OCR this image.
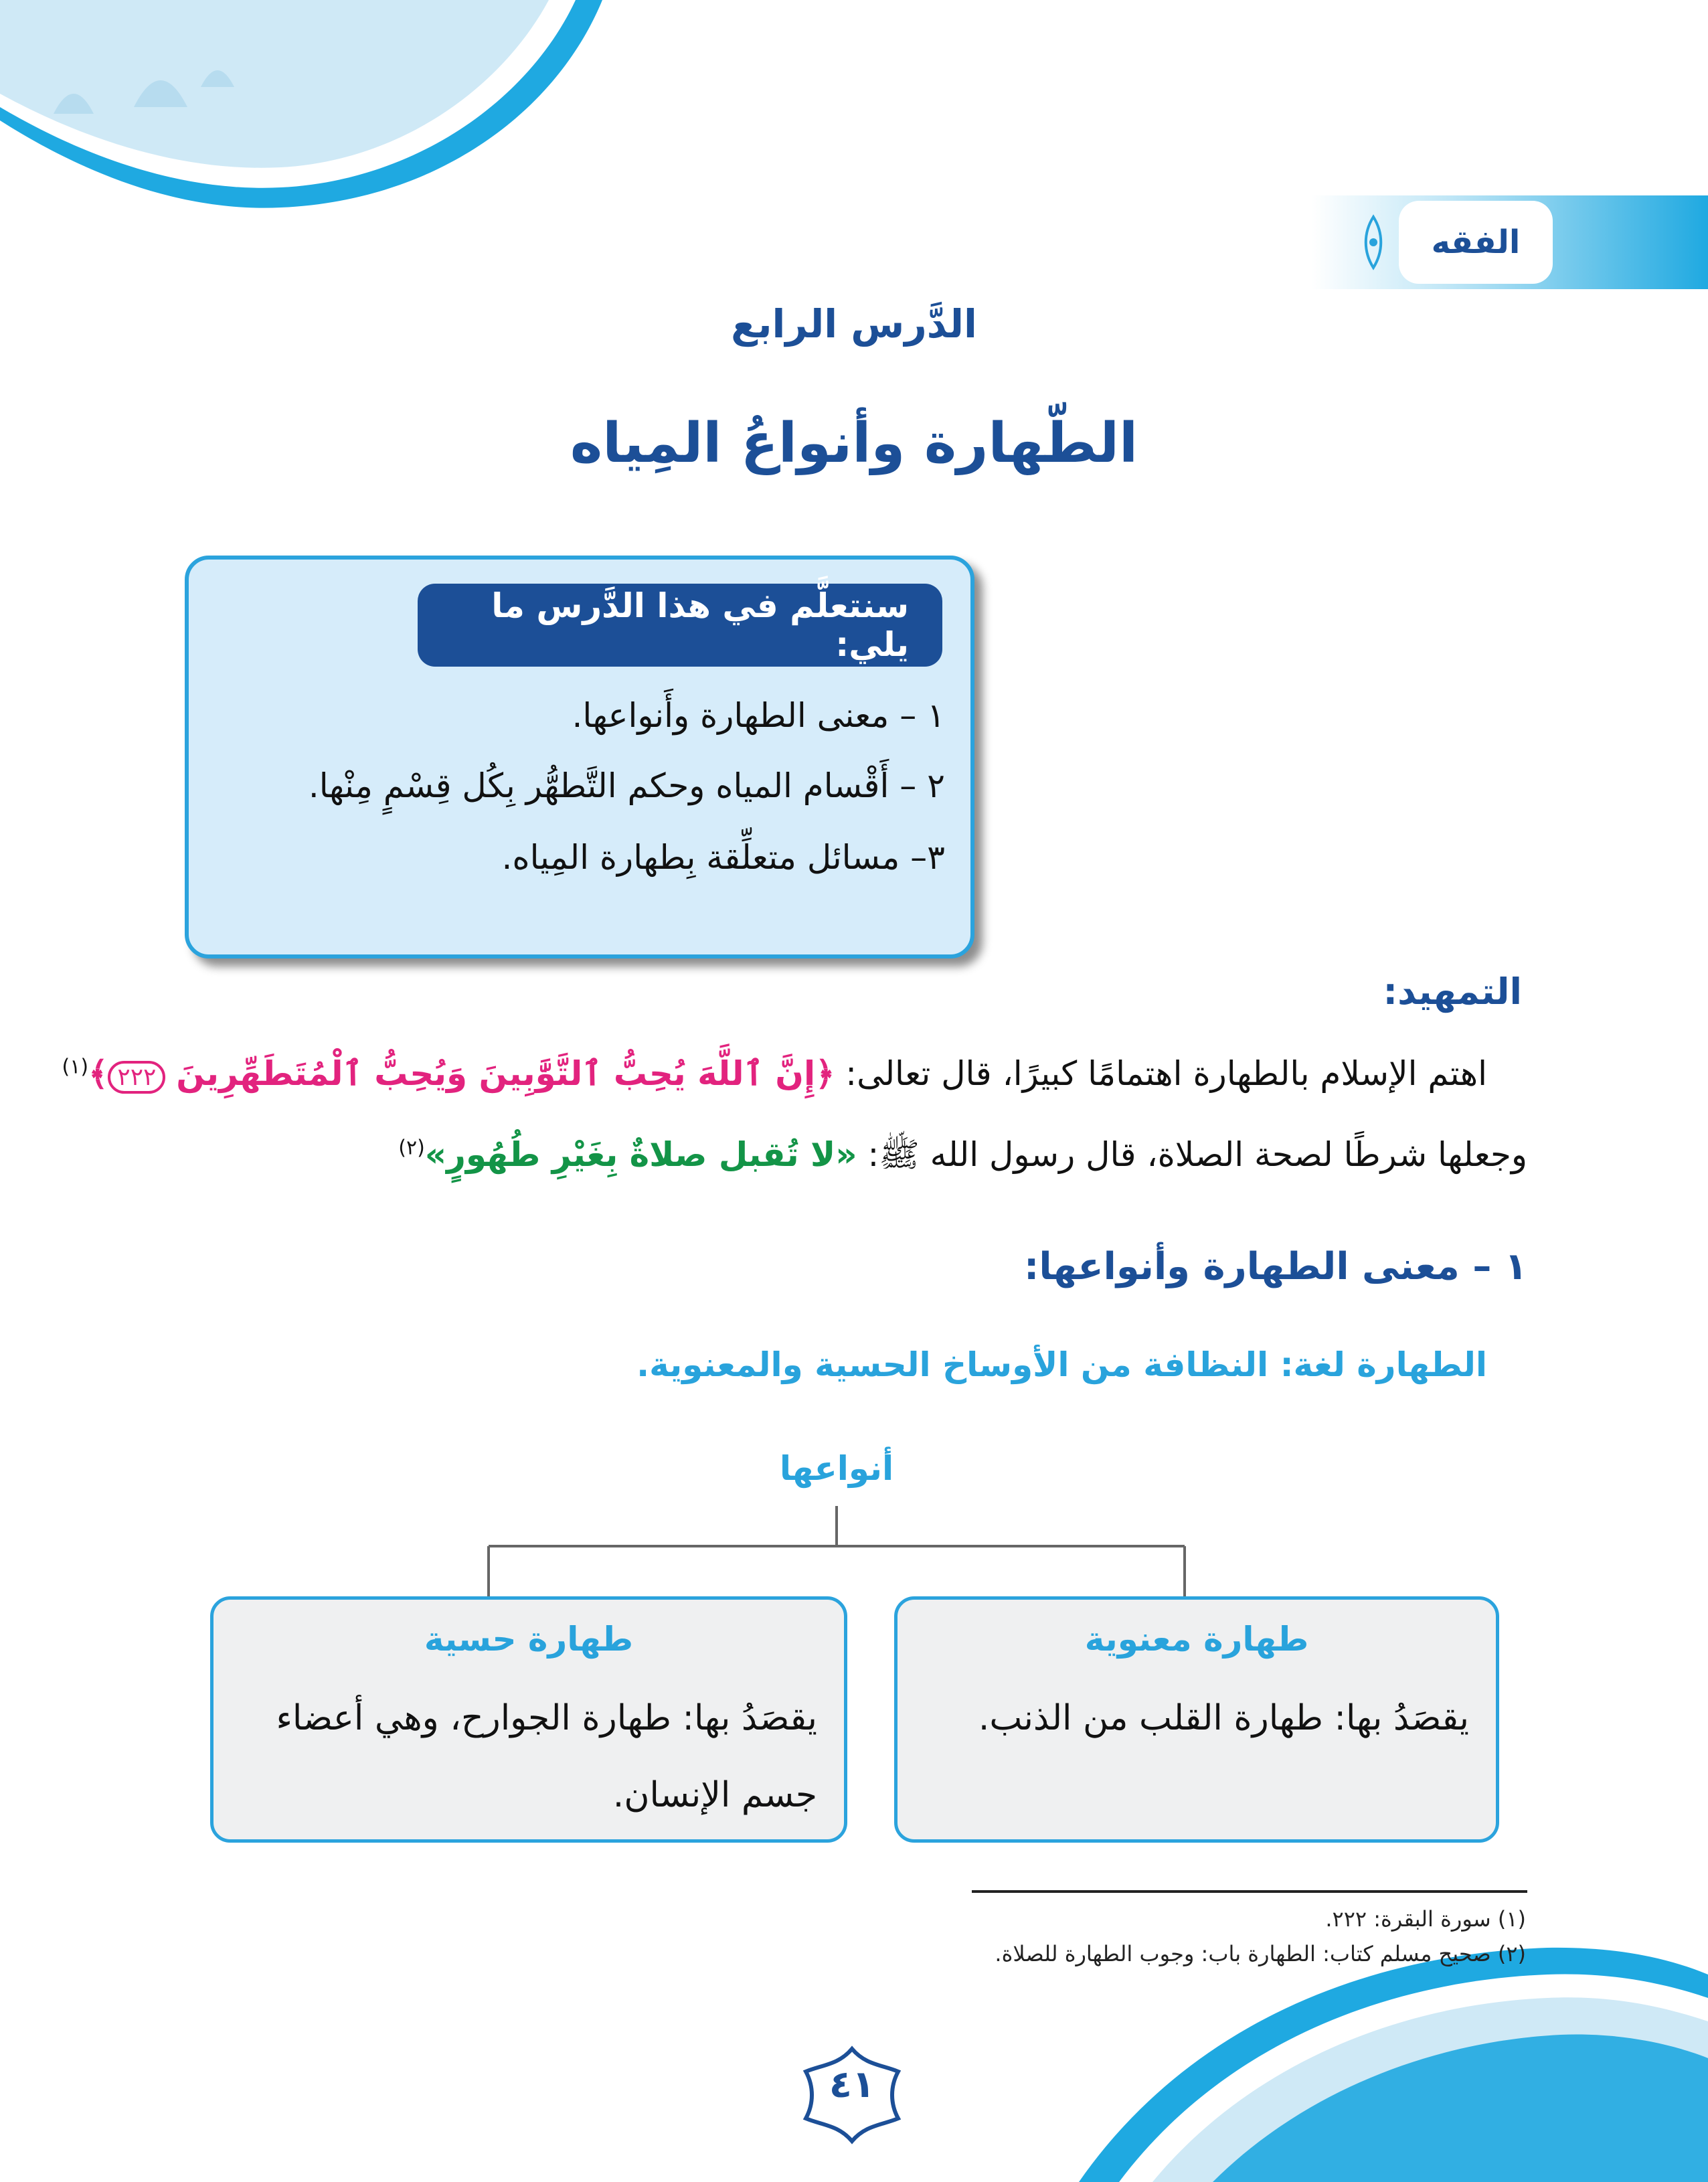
الفقه
الدَّرس الرابع
الطّهارة وأنواعُ المِياه
سنتعلَّم في هذا الدَّرس ما يلي:
١ – معنى الطهارة وأَنواعها.
٢ – أَقْسام المياه وحكم التَّطهُّر بِكُل قِسْمٍ مِنْها.
٣– مسائل متعلِّقة بِطهارة المِياه.
التمهيد:
اهتم الإسلام بالطهارة اهتمامًا كبيرًا، قال تعالى: ﴿إِنَّ ٱللَّهَ يُحِبُّ ٱلتَّوَّٰبِينَ وَيُحِبُّ ٱلْمُتَطَهِّرِينَ ٢٢٢﴾$^{(١)}$
وجعلها شرطًا لصحة الصلاة، قال رسول الله ﷺ: «لا تُقبل صلاةٌ بِغَيْرِ طُهُورٍ»$^{(٢)}$
١ – معنى الطهارة وأنواعها:
الطهارة لغة: النظافة من الأوساخ الحسية والمعنوية.
أنواعها
طهارة معنوية
يقصَدُ بها: طهارة القلب من الذنب.
طهارة حسية
يقصَدُ بها: طهارة الجوارح، وهي أعضاء جسم الإنسان.
(١) سورة البقرة: ٢٢٢.
(٢) صحيح مسلم كتاب: الطهارة باب: وجوب الطهارة للصلاة.
٤١
